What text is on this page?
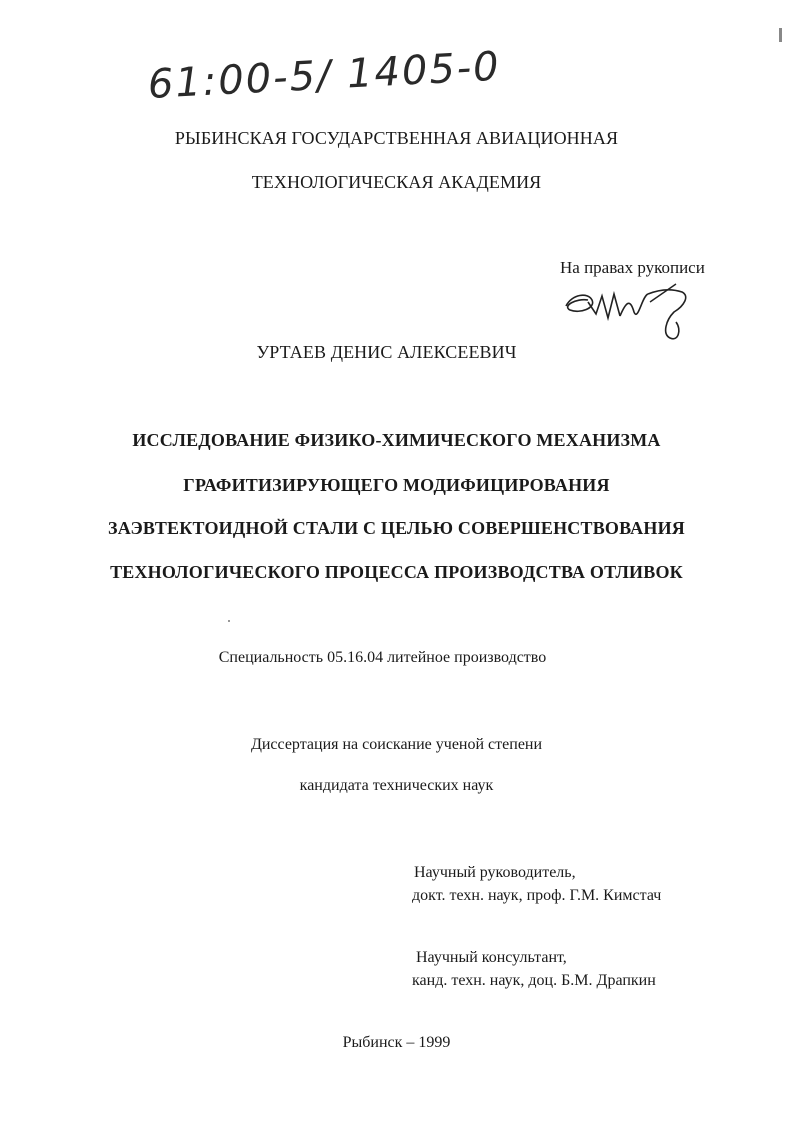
61:00-5/ 1405-0
РЫБИНСКАЯ ГОСУДАРСТВЕННАЯ АВИАЦИОННАЯ
ТЕХНОЛОГИЧЕСКАЯ АКАДЕМИЯ
На правах рукописи
УРТАЕВ ДЕНИС АЛЕКСЕЕВИЧ
ИССЛЕДОВАНИЕ ФИЗИКО-ХИМИЧЕСКОГО МЕХАНИЗМА
ГРАФИТИЗИРУЮЩЕГО МОДИФИЦИРОВАНИЯ
ЗАЭВТЕКТОИДНОЙ СТАЛИ С ЦЕЛЬЮ СОВЕРШЕНСТВОВАНИЯ
ТЕХНОЛОГИЧЕСКОГО ПРОЦЕССА ПРОИЗВОДСТВА ОТЛИВОК
Специальность 05.16.04 литейное производство
Диссертация на соискание ученой степени
кандидата технических наук
Научный руководитель,
докт. техн. наук, проф. Г.М. Кимстач
Научный консультант,
канд. техн. наук, доц. Б.М. Драпкин
Рыбинск – 1999
